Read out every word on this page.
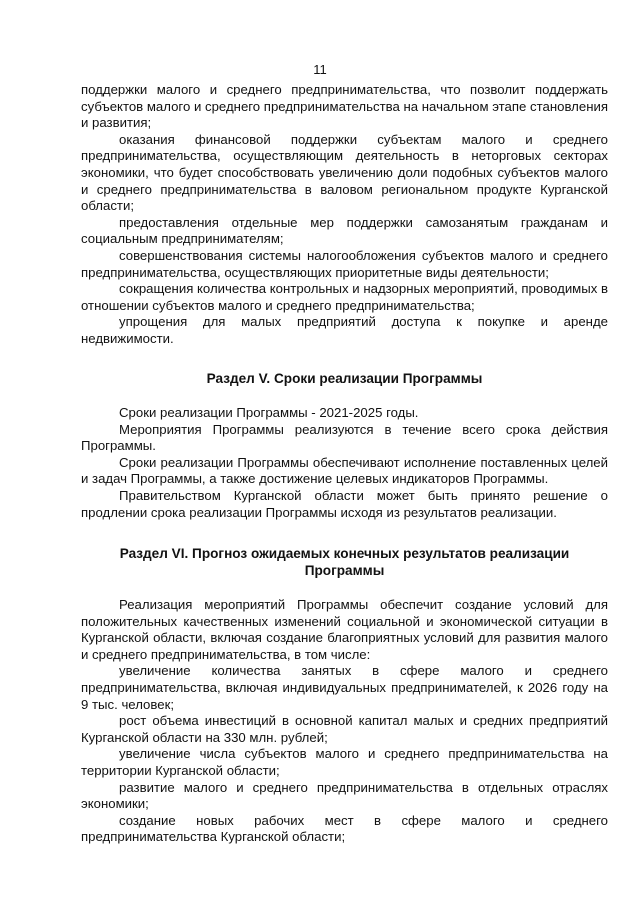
11

поддержки малого и среднего предпринимательства, что позволит поддержать субъектов малого и среднего предпринимательства на начальном этапе становления и развития;

оказания финансовой поддержки субъектам малого и среднего предпринимательства, осуществляющим деятельность в неторговых секторах экономики, что будет способствовать увеличению доли подобных субъектов малого и среднего предпринимательства в валовом региональном продукте Курганской области;

предоставления отдельные мер поддержки самозанятым гражданам и социальным предпринимателям;

совершенствования системы налогообложения субъектов малого и среднего предпринимательства, осуществляющих приоритетные виды деятельности;

сокращения количества контрольных и надзорных мероприятий, проводимых в отношении субъектов малого и среднего предпринимательства;

упрощения для малых предприятий доступа к покупке и аренде недвижимости.

Раздел V. Сроки реализации Программы

Сроки реализации Программы - 2021-2025 годы.

Мероприятия Программы реализуются в течение всего срока действия Программы.

Сроки реализации Программы обеспечивают исполнение поставленных целей и задач Программы, а также достижение целевых индикаторов Программы.

Правительством Курганской области может быть принято решение о продлении срока реализации Программы исходя из результатов реализации.

Раздел VI. Прогноз ожидаемых конечных результатов реализации

Программы

Реализация мероприятий Программы обеспечит создание условий для положительных качественных изменений социальной и экономической ситуации в Курганской области, включая создание благоприятных условий для развития малого и среднего предпринимательства, в том числе:

увеличение количества занятых в сфере малого и среднего предпринимательства, включая индивидуальных предпринимателей, к 2026 году на 9 тыс. человек;

рост объема инвестиций в основной капитал малых и средних предприятий Курганской области на 330 млн. рублей;

увеличение числа субъектов малого и среднего предпринимательства на территории Курганской области;

развитие малого и среднего предпринимательства в отдельных отраслях экономики;

создание новых рабочих мест в сфере малого и среднего предпринимательства Курганской области;
